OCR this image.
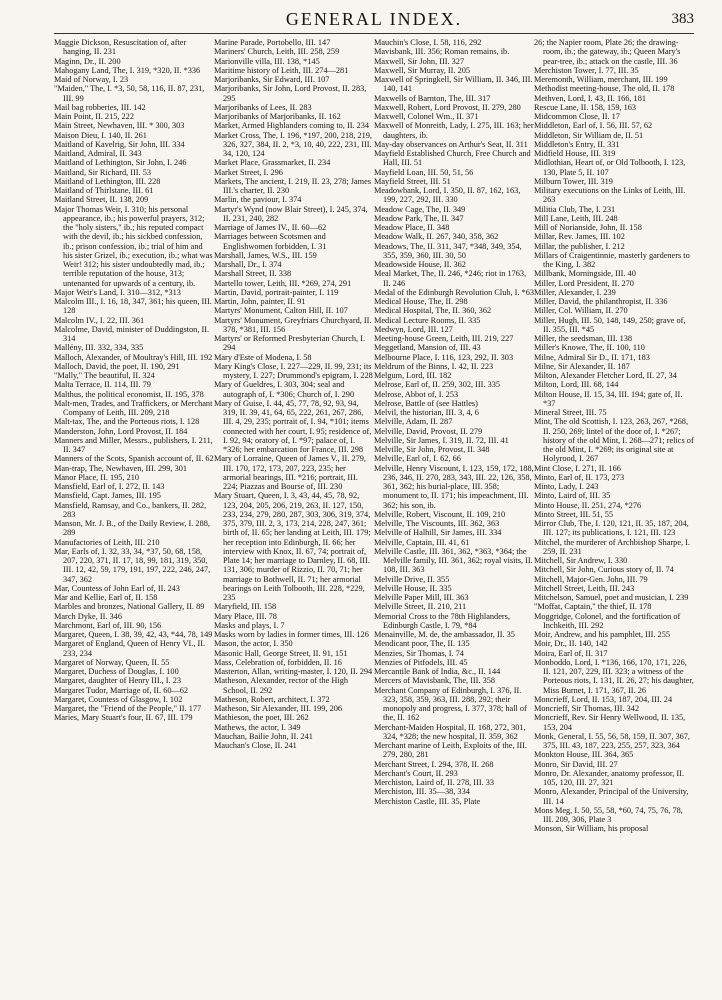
GENERAL INDEX.	383
Maggie Dickson, Resuscitation of, after hanging, II. 231
Maginn, Dr., II. 200
Mahogany Land, The, I. 319, *320, II. *336
Maid of Norway, I. 23
"Maiden," The, I. *3, 50, 58, 116, II. 87, 231, III. 99
Mail bag robberies, III. 142
Main Point, II. 215, 222
Main Street, Newhaven, III. * 300, 303
Maison Dieu, I. 140, II. 261
Maitland of Kavelrig, Sir John, III. 334
Maitland, Admiral, II. 343
Maitland of Lethington, Sir John, I. 246
Maitland, Sir Richard, III. 53
Maitland of Lethington, III. 228
Maitland of Thirlstane, III. 61
Maitland Street, II. 138, 209
Major Thomas Weir, I. 310; his personal appearance, ib.; his powerful prayers, 312; the "holy sisters," ib.; his reputed compact with the devil, ib.; his sickbed confession, ib.; prison confession, ib.; trial of him and his sister Grizel, ib.; execution, ib.; what was Weir! 312; his sister undoubtedly mad, ib.; terrible reputation of the house, 313; untenanted for upwards of a century, ib.
Major Weir's Land, I. 310—312, *313
Malcolm III., I. 16, 18, 347, 361; his queen, III. 128
Malcolm IV., I. 22, III. 361
Malcolme, David, minister of Duddingston, II. 314
Mallény, III. 332, 334, 335
Malloch, Alexander, of Moultray's Hill, III. 192
Malloch, David, the poet, II. 190, 291
"Mally," The beautiful, II. 324
Malta Terrace, II. 114, III. 79
Malthus, the political economist, II. 195, 378
Malt-men, Trades, and Traffickers, or Merchant Company of Leith, III. 209, 218
Malt-tax, The, and the Porteous riots, I. 128
Manderston, John, Lord Provost, II. 184
Manners and Miller, Messrs., publishers, I. 211, II. 347
Manners of the Scots, Spanish account of, II. 62
Man-trap, The, Newhaven, III. 299, 301
Manor Place, II. 195, 210
Mansfield, Earl of, I. 272, II. 143
Mansfield, Capt. James, III. 195
Mansfield, Ramsay, and Co., bankers, II. 282, 283
Manson, Mr. J. B., of the Daily Review, I. 288, 289
Manufactories of Leith, III. 210
Mar, Earls of, I. 32, 33, 34, *37, 50, 68, 158, 207, 220, 371, II. 17, 18, 99, 181, 319, 350, III. 12, 42, 59, 179, 191, 197, 222, 246, 247, 347, 362
Mar, Countess of John Earl of, II. 243
Mar and Kellie, Earl of, II. 158
Marbles and bronzes, National Gallery, II. 89
March Dyke, II. 346
Marchmont, Earl of, III. 90, 156
Margaret, Queen, I. 38, 39, 42, 43, *44, 78, 149
Margaret of England, Queen of Henry VI., II. 233, 234
Margaret of Norway, Queen, II. 55
Margaret, Duchess of Douglas, I. 100
Margaret, daughter of Henry III., I. 23
Margaret Tudor, Marriage of, II. 60—62
Margaret, Countess of Glasgow, I. 102
Margaret, the "Friend of the People," II. 177
Maries, Mary Stuart's four, II. 67, III. 179
Marine Parade, Portobello, III. 147
Mariners' Church, Leith, III. 258, 259
Marionville villa, III. 138, *145
Maritime history of Leith, III. 274—281
Marjoribanks, Sir Edward, III. 107
Marjoribanks, Sir John, Lord Provost, II. 283, 295
Marjoribanks of Lees, II. 283
Marjoribanks of Marjoribanks, II. 162
Market, Armed Highlanders coming to, II. 234
Market Cross, The, I. 196, *197, 200, 218, 219, 326, 327, 384, II. 2, *3, 10, 40, 222, 231, III. 34, 120, 124
Market Place, Grassmarket, II. 234
Market Street, I. 296
Markets, The ancient, I. 219, II. 23, 278; James III.'s charter, II. 230
Marlin, the paviour, I. 374
Martyr's Wynd (now Blair Street), I. 245, 374, II. 231, 240, 282
Marriage of James IV., II. 60—62
Marriages between Scotsmen and Englishwomen forbidden, I. 31
Marshall, James, W.S., III. 159
Marshall, Dr., I. 374
Marshall Street, II. 338
Martello tower, Leith, III. *269, 274, 291
Martin, David, portrait-painter, I. 119
Martin, John, painter, II. 91
Martyrs' Monument, Calton Hill, II. 107
Martyrs' Monument, Greyfriars Churchyard, II. 378, *381, III. 156
Martyrs' or Reformed Presbyterian Church, I. 294
Mary d'Este of Modena, I. 58
Mary King's Close, I. 227—229, II. 99, 231; its mystery, I. 227; Drummond's epigram, I. 228
Mary of Gueldres, I. 303, 304; seal and autograph of, I. *306; Church of, I. 290
Mary of Guise, I. 44, 45, 77, 78, 92, 93, 94, 319, II. 39, 41, 64, 65, 222, 261, 267, 286, III. 4, 29, 235; portrait of, I. 94, *101; items connected with her court, I. 95; residence of, I. 92, 94; oratory of, I. *97; palace of, I. *326; her embarcation for France, III. 298
Mary of Lorraine, Queen of James V., II. 279, III. 170, 172, 173, 207, 223, 235; her armorial bearings, III. *216; portrait, III. 224; Piazzas and Bourse of, III. 230
Mary Stuart, Queen, I. 3, 43, 44, 45, 78, 92, 123, 204, 205, 206, 219, 263, II. 127, 150, 233, 234, 279, 280, 287, 303, 306, 319, 374, 375, 379, III. 2, 3, 173, 214, 228, 247, 361; birth of, II. 65; her landing at Leith, III. 179; her reception into Edinburgh, II. 66; her interview with Knox, II. 67, 74; portrait of, Plate 14; her marriage to Darnley, II. 68, III. 131, 306; murder of Rizzio, II. 70, 71; her marriage to Bothwell, II. 71; her armorial bearings on Leith Tolbooth, III. 228, *229, 235
Maryfield, III. 158
Mary Place, III. 78
Masks and plays, I. 7
Masks worn by ladies in former times, III. 126
Mason, the actor, I. 350
Masonic Hall, George Street, II. 91, 151
Mass, Celebration of, forbidden, II. 16
Masterton, Allan, writing-master, I. 120, II. 294
Matheson, Alexander, rector of the High School, II. 292
Matheson, Robert, architect, I. 372
Matheson, Sir Alexander, III. 199, 206
Mathieson, the poet, III. 262
Mathews, the actor, I. 349
Mauchan, Bailie John, II. 241
Mauchan's Close, II. 241
Mauchin's Close, I. 58, 116, 292
Mavisbank, III. 356; Roman remains, ib.
Maxwell, Sir John, III. 327
Maxwell, Sir Murray, II. 205
Maxwell of Springkell, Sir William, II. 346, III. 140, 141
Maxwells of Barnton, The, III. 317
Maxwell, Robert, Lord Provost, II. 279, 280
Maxwell, Colonel Wm., II. 371
Maxwell of Monreith, Lady, I. 275, III. 163; her daughters, ib.
May-day observances on Arthur's Seat, II. 311
Mayfield Established Church, Free Church and Hall, III. 51
Mayfield Loan, III. 50, 51, 56
Mayfield Street, III. 51
Meadowbank, Lord, I. 350, II. 87, 162, 163, 199, 227, 292, III. 330
Meadow Cage, The, II. 349
Meadow Park, The, II. 347
Meadow Place, II. 348
Meadow Walk, II. 267, 340, 358, 362
Meadows, The, II. 311, 347, *348, 349, 354, 355, 359, 360, III. 30, 50
Meadowside House, II. 362
Meal Market, The, II. 246, *246; riot in 1763, II. 246
Medal of the Edinburgh Revolution Club, I. *63
Medical House, The, II. 298
Medical Hospital, The, II. 360, 362
Medical Lecture Rooms, II. 335
Medwyn, Lord, III. 127
Meeting-house Green, Leith, III. 219, 227
Meggetland, Mansion of, III. 43
Melbourne Place, I. 116, 123, 292, II. 303
Meldrum of the Binns, I. 42, II. 223
Melgum, Lord, III. 182
Melrose, Earl of, II. 259, 302, III. 335
Melrose, Abbot of, I. 253
Melrose, Battle of (see Hattles)
Melvil, the historian, III. 3, 4, 6
Melville, Adam, II. 287
Melville, David, Provost, II. 279
Melville, Sir James, I. 319, II. 72, III. 41
Melville, Sir John, Provost, II. 348
Melville, Earl of, I. 62, 66
Melville, Henry Viscount, I. 123, 159, 172, 188, 236, 346, II. 270, 283, 343, III. 22, 126, 358, 361, 362; his burial-place, III. 358; monument to, II. 171; his impeachment, III. 362; his son, ib.
Melville, Robert, Viscount, II. 109, 210
Melville, The Viscounts, III. 362, 363
Melville of Halhill, Sir James, III. 334
Melville, Captain, III. 41, 61
Melville Castle, III. 361, 362, *363, *364; the Melville family, III. 361, 362; royal visits, II. 108, III. 363
Melville Drive, II. 355
Melville House, II. 335
Melville Paper Mill, III. 363
Melville Street, II. 210, 211
Memorial Cross to the 78th Highlanders, Edinburgh Castle, I. 79, *84
Menainville, M. de, the ambassador, II. 35
Mendicant poor, The, II. 135
Menzies, Sir Thomas, I. 74
Menzies of Pitfodels, III. 45
Mercantile Bank of India, &c., II. 144
Mercers of Mavisbank, The, III. 358
Merchant Company of Edinburgh, I. 376, II. 323, 358, 359, 363, III. 288, 292; their monopoly and progress, I. 377, 378; hall of the, II. 162
Merchant-Maiden Hospital, II. 168, 272, 301, 324, *328; the new hospital, II. 359, 362
Merchant marine of Leith, Exploits of the, III. 279, 280, 281
Merchant Street, I. 294, 378, II. 268
Merchant's Court, II. 293
Merchiston, Laird of, II. 278, III. 33
Merchiston, III. 35—38, 334
Merchiston Castle, III. 35, Plate
26; the Napier room, Plate 26; the drawing-room, ib.; the gateway, ib.; Queen Mary's pear-tree, ib.; attack on the castle, III. 36
Merchiston Tower, I. 77, III. 35
Meremonth, William, merchant, III. 199
Methodist meeting-house, The old, II. 178
Methven, Lord, I. 43, II. 166, 181
Rescue Lane, II. 158, 159, 163
Midcommon Close, II. 17
Middleton, Earl of, I. 56, III. 57, 62
Middleton, Sir William de, II. 51
Middleton's Entry, II. 331
Midfield House, III. 319
Midlothian, Heart of, or Old Tolbooth, I. 123, 130, Plate 5, II. 107
Milburn Tower, III. 319
Military executions on the Links of Leith, III. 263
Militia Club, The, I. 231
Mill Lane, Leith, III. 248
Mill of Norianside, John, II. 158
Millar, Rev. James, III. 102
Millar, the publisher, I. 212
Millars of Craigentinnie, masterly gardeners to the King, I. 382
Millbank, Morningside, III. 40
Miller, Lord President, II. 270
Miller, Alexander, I. 239
Miller, David, the philanthropist, II. 336
Miller, Col. William, II. 270
Miller, Hugh, III. 50, 148, 149, 250; grave of, II. 355, III. *45
Miller, the seedsman, III. 138
Miller's Knowe, The, II. 100, 110
Milne, Admiral Sir D., II. 171, 183
Milne, Sir Alexander, II. 187
Milton, Alexander Fletcher Lord, II. 27, 34
Milton, Lord, III. 68, 144
Milton House, II. 15, 34, III. 194; gate of, II. *37
Mineral Street, III. 75
Mint, The old Scottish, I. 123, 263, 267, *268, II. 250, 269; lintel of the door of, I. *267; history of the old Mint, I. 268—271; relics of the old Mint, I. *269; its original site at Holyrood, I. 267
Mint Close, I. 271, II. 166
Minto, Earl of, II. 173, 273
Minto, Lady, I. 243
Minto, Laird of, III. 35
Minto House, II. 251, 274, *276
Minto Street, III. 51, 55
Mirror Club, The, I. 120, 121, II. 35, 187, 204, III. 127; its publications, I. 121, III. 123
Mitchel, the murderer of Archbishop Sharpe, I. 259, II. 231
Mitchell, Sir Andrew, I. 330
Mitchell, Sir John, Curious story of, II. 74
Mitchell, Major-Gen. John, III. 79
Mitchell Street, Leith, III. 243
Mitchelson, Samuel, poet and musician, I. 239
"Moffat, Captain," the thief, II. 178
Moggridge, Colonel, and the fortification of Inchkeith, III. 292
Moir, Andrew, and his pamphlet, III. 255
Moir, Dr., II. 140, 142
Moira, Earl of, II. 317
Monboddo, Lord, I. *136, 166, 170, 171, 226, II. 121, 207, 229, III. 323; a witness of the Porteous riots, I. 131, II. 26, 27; his daughter, Miss Burnet, I. 171, 367, II. 26
Moncrieff, Lord, II. 153, 187, 204, III. 24
Moncrieff, Sir Thomas, III. 342
Moncrieff, Rev. Sir Henry Wellwood, II. 135, 153, 204
Monk, General, I. 55, 56, 58, 159, II. 307, 367, 375, III. 43, 187, 223, 255, 257, 323, 364
Monkton House, III. 364, 365
Monro, Sir David, III. 27
Monro, Dr. Alexander, anatomy professor, II. 105, 120, III. 27, 321
Monro, Alexander, Principal of the University, III. 14
Mons Meg, I. 50, 55, 58, *60, 74, 75, 76, 78, III. 209, 306, Plate 3
Monson, Sir William, his proposal
